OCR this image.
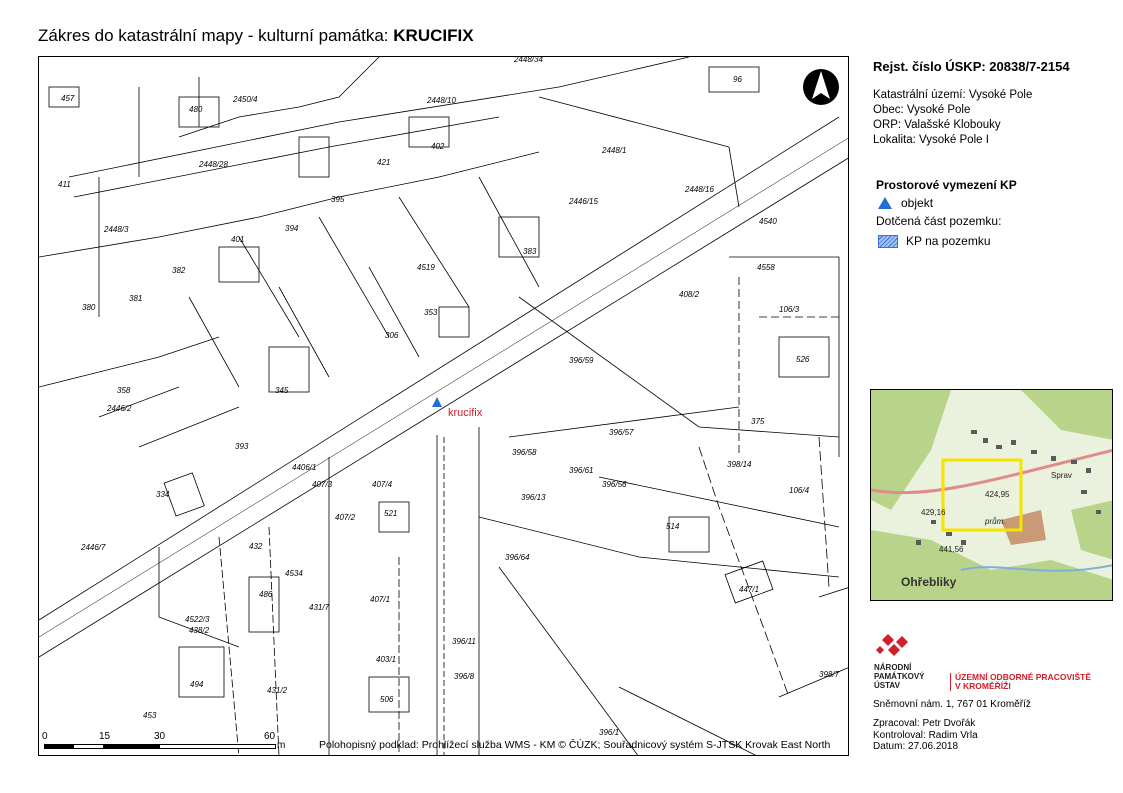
Zákres do katastrální mapy - kulturní památka: KRUCIFIX
krucifix
457
480
2450/4
2448/34
2448/10
402
96
2448/1
411
2448/28	421
395
2448/3
401
394
2448/16
2446/15
4540
382
383
4519	4558
380
381
353
408/2
106/3
306
526
358
396/59
2446/2
345
396/57
393
396/58
396/61
396/56
375
398/14
106/4
4406/1
407/3	407/4
396/13
334
407/2	521
514
432
2446/7
4534
486
396/64
407/1
447/1
4522/3
438/2
431/7
396/11
403/1
494
431/2
506
396/8
453
398/7
396/1
Rejst. číslo ÚSKP: 20838/7-2154
Katastrální území: Vysoké Pole
Obec: Vysoké Pole
ORP: Valašské Klobouky
Lokalita: Vysoké Pole I
Prostorové vymezení KP
objekt
Dotčená část pozemku:
KP na pozemku
424,95
429,16
441,56
prům.
Sprav
Ohřebliky
NÁRODNÍ
PAMÁTKOVÝ
ÚSTAV
ÚZEMNÍ ODBORNÉ PRACOVIŠTĚ
V KROMĚŘÍŽI
Sněmovní nám. 1, 767 01 Kroměříž
Zpracoval: Petr Dvořák
Kontroloval: Radim Vrla
Datum: 27.06.2018
0	15	30	60
m	Polohopisný podklad: Prohlížecí služba WMS - KM © ČÚZK; Souřadnicový systém S-JTSK Krovak East North
